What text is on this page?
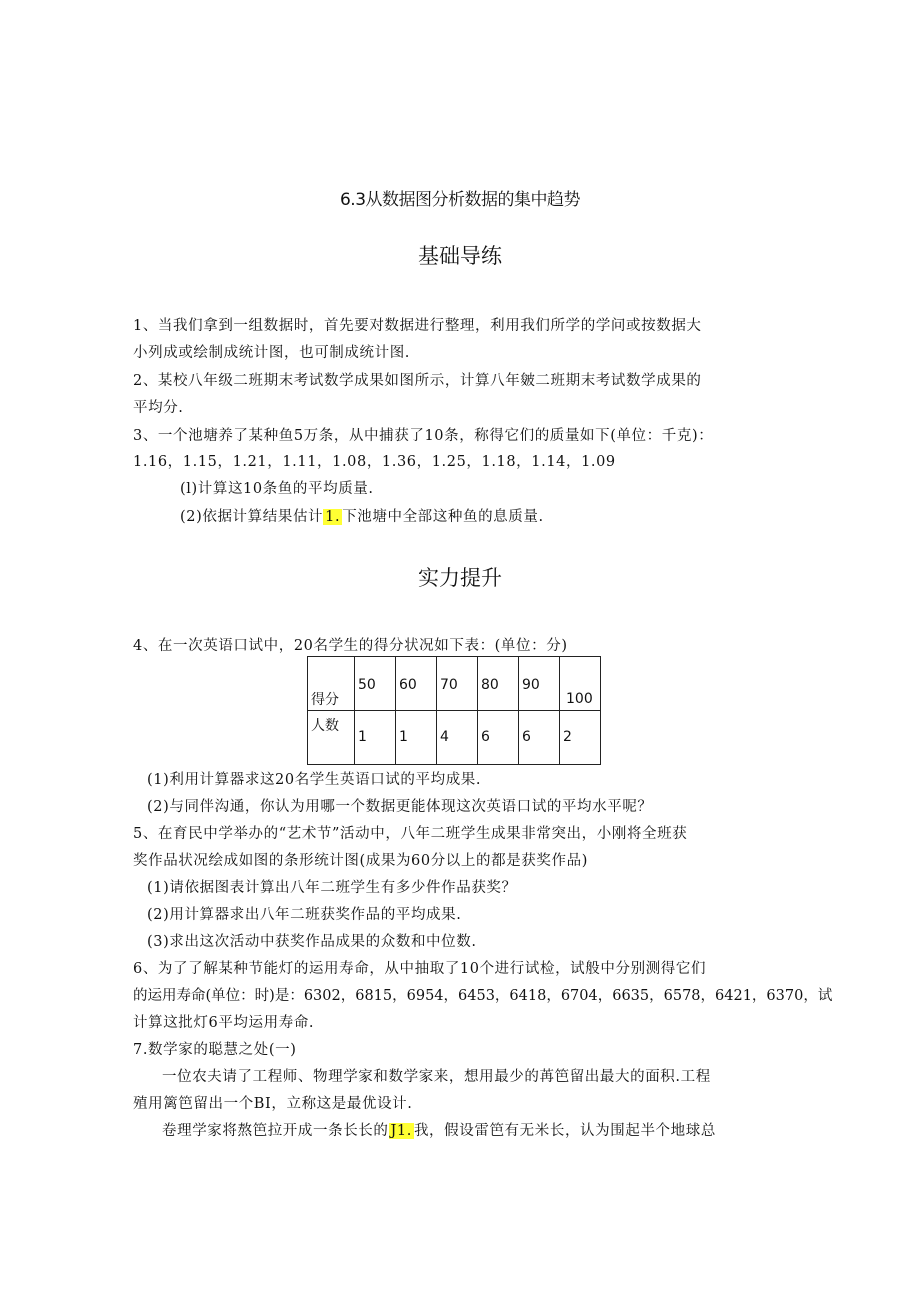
6.3从数据图分析数据的集中趋势
基础导练
1、当我们拿到一组数据时，首先要对数据进行整理，利用我们所学的学问或按数据大
小列成或绘制成统计图，也可制成统计图.
2、某校八年级二班期末考试数学成果如图所示，计算八年皴二班期末考试数学成果的
平均分.
3、一个池塘养了某种鱼5万条，从中捕获了10条，称得它们的质量如下(单位：千克)：
1.16，1.15，1.21，1.11，1.08，1.36，1.25，1.18，1.14，1.09
(l)计算这10条鱼的平均质量.
(2)依据计算结果估计 1. 下池塘中全部这种鱼的息质量.
实力提升
4、在一次英语口试中，20名学生的得分状况如下表：(单位：分)
得分	50	60	70	80	90	100

人数	1	1	4	6	6	2
(1)利用计算器求这20名学生英语口试的平均成果.
(2)与同伴沟通，你认为用哪一个数据更能体现这次英语口试的平均水平呢？
5、在育民中学举办的“艺术节”活动中，八年二班学生成果非常突出，小刚将全班获
奖作品状况绘成如图的条形统计图(成果为60分以上的都是获奖作品)
(1)请依据图表计算出八年二班学生有多少件作品获奖？
(2)用计算器求出八年二班获奖作品的平均成果.
(3)求出这次活动中获奖作品成果的众数和中位数.
6、为了了解某种节能灯的运用寿命，从中抽取了10个进行试检，试般中分别测得它们
的运用寿命(单位：时)是：6302，6815，6954，6453，6418，6704，6635，6578，6421，6370，试
计算这批灯6平均运用寿命.
7.数学家的聪慧之处(一)
一位农夫请了工程师、物理学家和数学家来，想用最少的苒笆留出最大的面积.工程
殖用篱笆留出一个BI，立称这是最优设计.
卷理学家将熬笆拉开成一条长长的 J1. 我，假设雷笆有无米长，认为围起半个地球总
